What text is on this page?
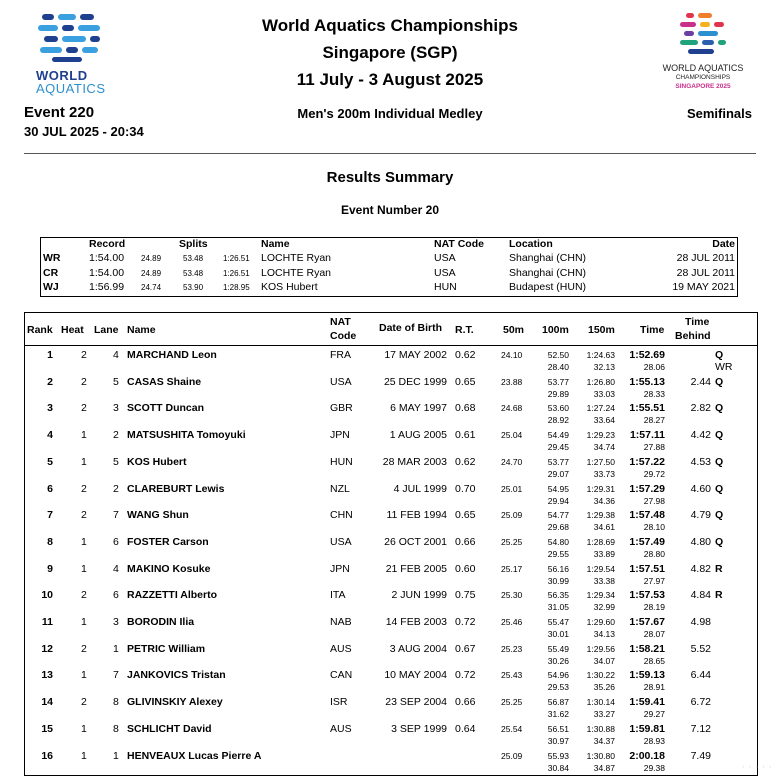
WORLD
AQUATICS
World Aquatics Championships
Singapore (SGP)
11 July - 3 August 2025
WORLD AQUATICS
CHAMPIONSHIPS
SINGAPORE 2025
Event 220
30 JUL 2025 - 20:34
Men's 200m Individual Medley	Semifinals
Results Summary
Event Number 20
Record	Splits	Name	NAT Code Location	Date
WR	1:54.00 24.89	53.48 1:26.51 LOCHTE Ryan	USA	Shanghai (CHN)	28 JUL 2011
CR	1:54.00 24.89	53.48 1:26.51 LOCHTE Ryan	USA	Shanghai (CHN)	28 JUL 2011
WJ	1:56.99 24.74	53.90 1:28.95 KOS Hubert	HUN	Budapest (HUN)	19 MAY 2021
Rank Heat Lane Name
NAT
Code
Date of Birth R.T.	50m 100m 150m Time
Time
Behind
1	2 4 MARCHAND Leon	FRA	17 MAY 2002 0.62	24.10	52.50 1:24.63 1:52.69	Q
28.40	32.13	28.06	WR
2	2 5 CASAS Shaine	USA	25 DEC 1999 0.65	23.88	53.77 1:26.80 1:55.13 2.44 Q
29.89	33.03	28.33
3	2 3 SCOTT Duncan	GBR	6 MAY 1997 0.68	24.68	53.60 1:27.24 1:55.51 2.82 Q
28.92	33.64	28.27
4	1 2 MATSUSHITA Tomoyuki	JPN	1 AUG 2005 0.61	25.04	54.49 1:29.23 1:57.11 4.42 Q
29.45	34.74	27.88
5	1 5 KOS Hubert	HUN	28 MAR 2003 0.62	24.70	53.77 1:27.50 1:57.22 4.53 Q
29.07	33.73	29.72
6	2 2 CLAREBURT Lewis	NZL	4 JUL 1999 0.70	25.01	54.95 1:29.31 1:57.29 4.60 Q
29.94	34.36	27.98
7	2 7 WANG Shun	CHN	11 FEB 1994 0.65	25.09	54.77 1:29.38 1:57.48 4.79 Q
29.68	34.61	28.10
8	1 6 FOSTER Carson	USA	26 OCT 2001 0.66	25.25	54.80 1:28.69 1:57.49 4.80 Q
29.55	33.89	28.80
9	1 4 MAKINO Kosuke	JPN	21 FEB 2005 0.60	25.17	56.16 1:29.54 1:57.51 4.82 R
30.99	33.38	27.97
10	2 6 RAZZETTI Alberto	ITA	2 JUN 1999 0.75	25.30	56.35 1:29.34 1:57.53 4.84 R
31.05	32.99	28.19
11	1 3 BORODIN Ilia	NAB	14 FEB 2003 0.72	25.46	55.47 1:29.60 1:57.67 4.98
30.01	34.13	28.07
12	2 1 PETRIC William	AUS	3 AUG 2004 0.67	25.23	55.49 1:29.56 1:58.21 5.52
30.26	34.07	28.65
13	1 7 JANKOVICS Tristan	CAN	10 MAY 2004 0.72	25.43	54.96 1:30.22 1:59.13 6.44
29.53	35.26	28.91
14	2 8 GLIVINSKIY Alexey	ISR	23 SEP 2004 0.66	25.25	56.87 1:30.14 1:59.41 6.72
31.62	33.27	29.27
15	1 8 SCHLICHT David	AUS	3 SEP 1999 0.64	25.54	56.51 1:30.88 1:59.81 7.12
30.97	34.37	28.93
16	1 1 HENVEAUX Lucas Pierre A	25.09	55.93 1:30.80 2:00.18 7.49
30.84	34.87	29.38	· · · · ·
